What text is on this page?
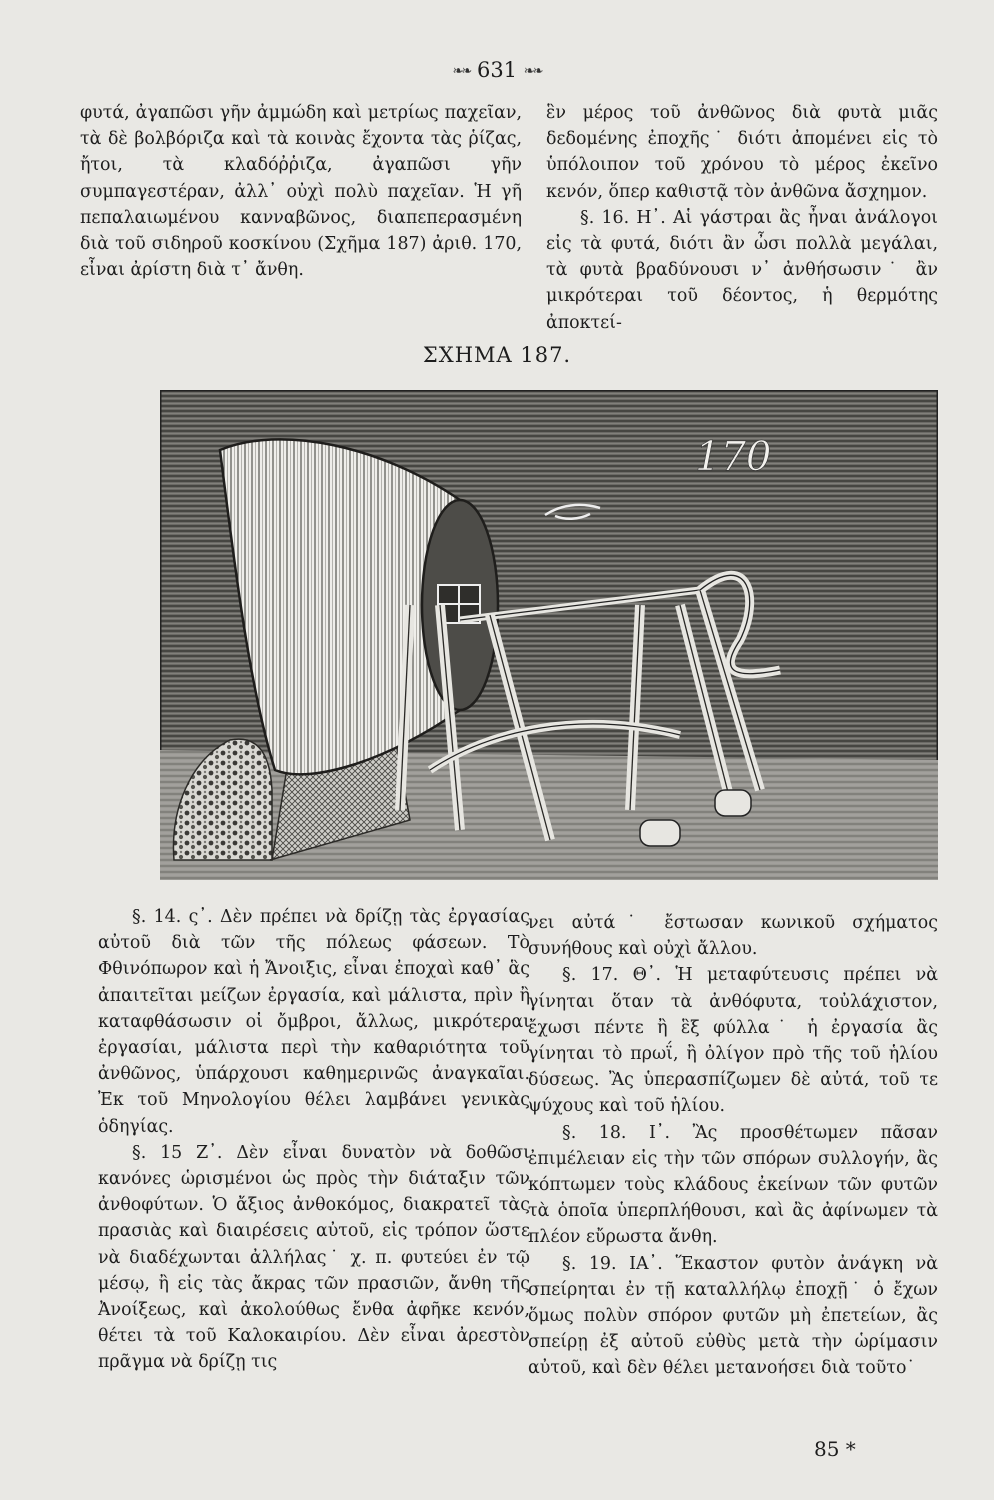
❧❧ 631 ❧❧

φυτά, ἀγαπῶσι γῆν ἀμμώδη καὶ μετρίως παχεῖαν, τὰ δὲ βολβόριζα καὶ τὰ κοινὰς ἔχοντα τὰς ῥίζας, ἤτοι, τὰ κλαδόῤῥιζα, ἀγαπῶσι γῆν συμπαγεστέραν, ἀλλ᾽ οὐχὶ πολὺ παχεῖαν. Ἡ γῆ πεπαλαιωμένου κανναβῶνος, διαπεπερασμένη διὰ τοῦ σιδηροῦ κοσκίνου (Σχῆμα 187) ἀριθ. 170, εἶναι ἀρίστη διὰ τ᾽ ἄνθη.

ἓν μέρος τοῦ ἀνθῶνος διὰ φυτὰ μιᾶς δεδομένης ἐποχῆς˙ διότι ἀπομένει εἰς τὸ ὑπόλοιπον τοῦ χρόνου τὸ μέρος ἐκεῖνο κενόν, ὅπερ καθιστᾷ τὸν ἀνθῶνα ἄσχημον.

§. 16. Η᾽. Αἱ γάστραι ἂς ἦναι ἀνάλογοι εἰς τὰ φυτά, διότι ἂν ὦσι πολλὰ μεγάλαι, τὰ φυτὰ βραδύνουσι ν᾽ ἀνθήσωσιν˙ ἂν μικρότεραι τοῦ δέοντος, ἡ θερμότης ἀποκτεί-

ΣΧΗΜΑ 187.
170

§. 14. ς᾽. Δὲν πρέπει νὰ δρίζῃ τὰς ἐργασίας αὐτοῦ διὰ τῶν τῆς πόλεως φάσεων. Τὸ Φθινόπωρον καὶ ἡ Ἄνοιξις, εἶναι ἐποχαὶ καθ᾽ ἃς ἀπαιτεῖται μείζων ἐργασία, καὶ μάλιστα, πρὶν ἢ καταφθάσωσιν οἱ ὄμβροι, ἄλλως, μικρότεραι ἐργασίαι, μάλιστα περὶ τὴν καθαριότητα τοῦ ἀνθῶνος, ὑπάρχουσι καθημερινῶς ἀναγκαῖαι. Ἐκ τοῦ Μηνολογίου θέλει λαμβάνει γενικὰς ὁδηγίας.

§. 15 Ζ᾽. Δὲν εἶναι δυνατὸν νὰ δοθῶσι κανόνες ὡρισμένοι ὡς πρὸς τὴν διάταξιν τῶν ἀνθοφύτων. Ὁ ἄξιος ἀνθοκόμος, διακρατεῖ τὰς πρασιὰς καὶ διαιρέσεις αὐτοῦ, εἰς τρόπον ὥστε νὰ διαδέχωνται ἀλλήλας˙ χ. π. φυτεύει ἐν τῷ μέσῳ, ἢ εἰς τὰς ἄκρας τῶν πρασιῶν, ἄνθη τῆς Ἀνοίξεως, καὶ ἀκολούθως ἔνθα ἀφῆκε κενόν, θέτει τὰ τοῦ Καλοκαιρίου. Δὲν εἶναι ἀρεστὸν πρᾶγμα νὰ δρίζῃ τις

νει αὐτά˙ ἔστωσαν κωνικοῦ σχήματος συνήθους καὶ οὐχὶ ἄλλου.

§. 17. Θ᾽. Ἡ μεταφύτευσις πρέπει νὰ γίνηται ὅταν τὰ ἀνθόφυτα, τοὐλάχιστον, ἔχωσι πέντε ἢ ἓξ φύλλα˙ ἡ ἐργασία ἂς γίνηται τὸ πρωΐ, ἢ ὀλίγον πρὸ τῆς τοῦ ἡλίου δύσεως. Ἂς ὑπερασπίζωμεν δὲ αὐτά, τοῦ τε ψύχους καὶ τοῦ ἡλίου.

§. 18. Ι᾽. Ἂς προσθέτωμεν πᾶσαν ἐπιμέλειαν εἰς τὴν τῶν σπόρων συλλογήν, ἂς κόπτωμεν τοὺς κλάδους ἐκείνων τῶν φυτῶν τὰ ὁποῖα ὑπερπλήθουσι, καὶ ἂς ἀφίνωμεν τὰ πλέον εὔρωστα ἄνθη.

§. 19. ΙΑ᾽. Ἕκαστον φυτὸν ἀνάγκη νὰ σπείρηται ἐν τῇ καταλλήλῳ ἐποχῇ˙ ὁ ἔχων ὅμως πολὺν σπόρον φυτῶν μὴ ἐπετείων, ἂς σπείρῃ ἐξ αὐτοῦ εὐθὺς μετὰ τὴν ὡρίμασιν αὐτοῦ, καὶ δὲν θέλει μετανοήσει διὰ τοῦτο˙

85 *
